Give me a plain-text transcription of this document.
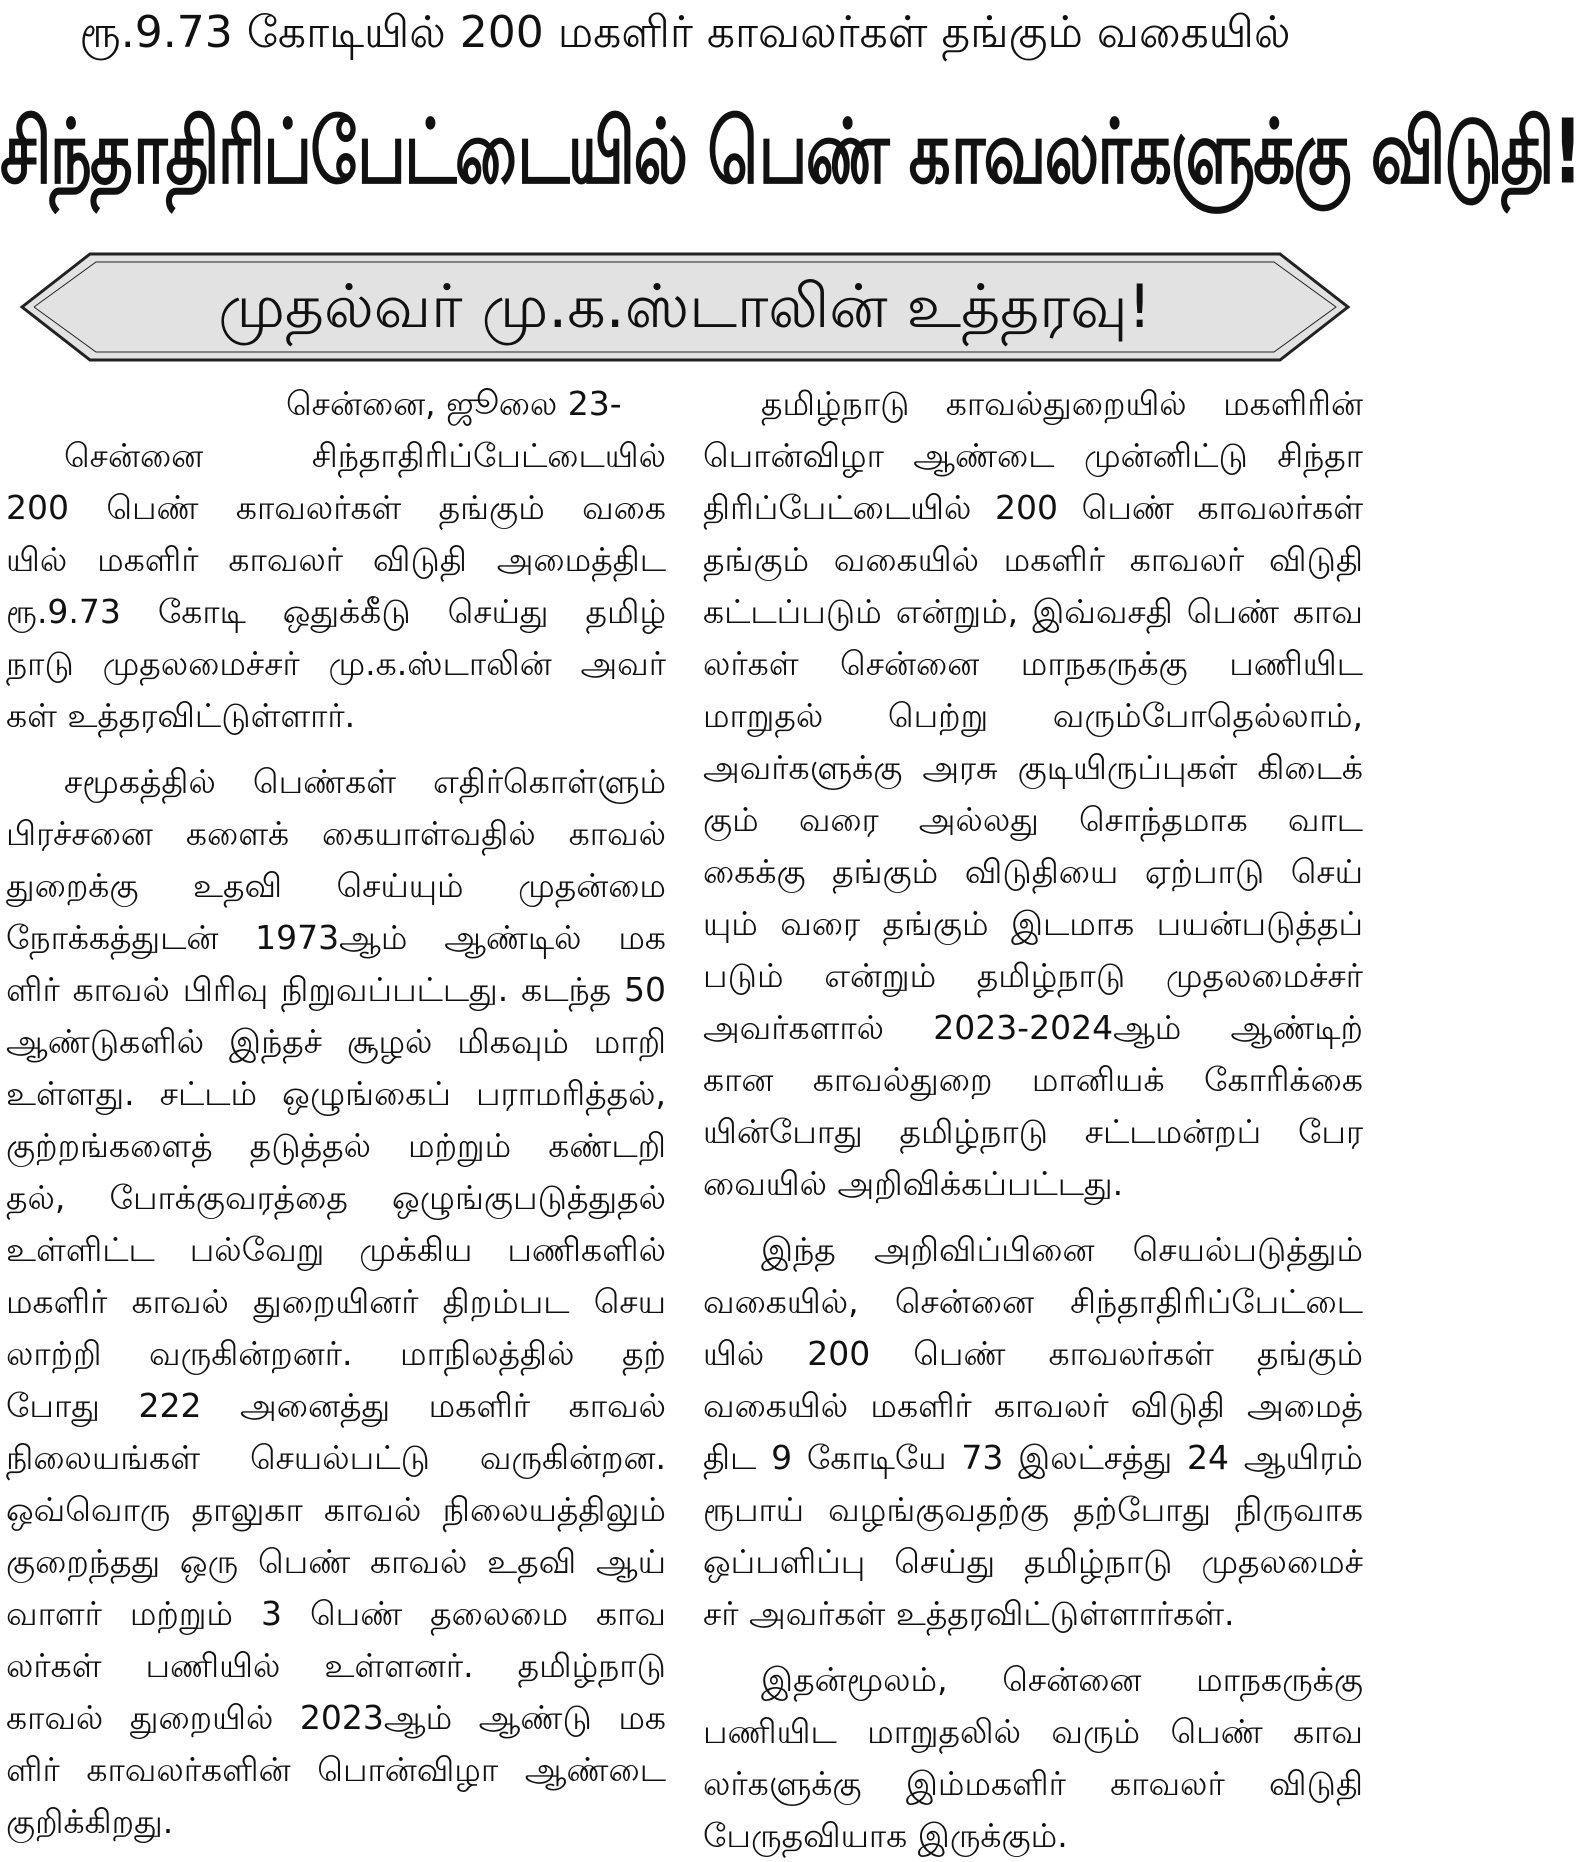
ரூ.9.73 கோடியில் 200 மகளிர் காவலர்கள் தங்கும் வகையில்
சிந்தாதிரிப்பேட்டையில் பெண் காவலர்களுக்கு விடுதி!
முதல்வர் மு.க.ஸ்டாலின் உத்தரவு!
சென்னை, ஜூலை 23-
சென்னை சிந்தாதிரிப்பேட்டையில்
200 பெண் காவலர்கள் தங்கும் வகை
யில் மகளிர் காவலர் விடுதி அமைத்திட
ரூ.9.73 கோடி ஒதுக்கீடு செய்து தமிழ்
நாடு முதலமைச்சர் மு.க.ஸ்டாலின் அவர்
கள் உத்தரவிட்டுள்ளார்.
சமூகத்தில் பெண்கள் எதிர்கொள்ளும்
பிரச்சனை களைக் கையாள்வதில் காவல்
துறைக்கு உதவி செய்யும் முதன்மை
நோக்கத்துடன் 1973ஆம் ஆண்டில் மக
ளிர் காவல் பிரிவு நிறுவப்பட்டது. கடந்த 50
ஆண்டுகளில் இந்தச் சூழல் மிகவும் மாறி
உள்ளது. சட்டம் ஒழுங்கைப் பராமரித்தல்,
குற்றங்களைத் தடுத்தல் மற்றும் கண்டறி
தல், போக்குவரத்தை ஒழுங்குபடுத்துதல்
உள்ளிட்ட பல்வேறு முக்கிய பணிகளில்
மகளிர் காவல் துறையினர் திறம்பட செய
லாற்றி வருகின்றனர். மாநிலத்தில் தற்
போது 222 அனைத்து மகளிர் காவல்
நிலையங்கள் செயல்பட்டு வருகின்றன.
ஒவ்வொரு தாலுகா காவல் நிலையத்திலும்
குறைந்தது ஒரு பெண் காவல் உதவி ஆய்
வாளர் மற்றும் 3 பெண் தலைமை காவ
லர்கள் பணியில் உள்ளனர். தமிழ்நாடு
காவல் துறையில் 2023ஆம் ஆண்டு மக
ளிர் காவலர்களின் பொன்விழா ஆண்டை
குறிக்கிறது.
தமிழ்நாடு காவல்துறையில் மகளிரின்
பொன்விழா ஆண்டை முன்னிட்டு சிந்தா
திரிப்பேட்டையில் 200 பெண் காவலர்கள்
தங்கும் வகையில் மகளிர் காவலர் விடுதி
கட்டப்படும் என்றும், இவ்வசதி பெண் காவ
லர்கள் சென்னை மாநகருக்கு பணியிட
மாறுதல் பெற்று வரும்போதெல்லாம்,
அவர்களுக்கு அரசு குடியிருப்புகள் கிடைக்
கும் வரை அல்லது சொந்தமாக வாட
கைக்கு தங்கும் விடுதியை ஏற்பாடு செய்
யும் வரை தங்கும் இடமாக பயன்படுத்தப்
படும் என்றும் தமிழ்நாடு முதலமைச்சர்
அவர்களால் 2023-2024ஆம் ஆண்டிற்
கான காவல்துறை மானியக் கோரிக்கை
யின்போது தமிழ்நாடு சட்டமன்றப் பேர
வையில் அறிவிக்கப்பட்டது.
இந்த அறிவிப்பினை செயல்படுத்தும்
வகையில், சென்னை சிந்தாதிரிப்பேட்டை
யில் 200 பெண் காவலர்கள் தங்கும்
வகையில் மகளிர் காவலர் விடுதி அமைத்
திட 9 கோடியே 73 இலட்சத்து 24 ஆயிரம்
ரூபாய் வழங்குவதற்கு தற்போது நிருவாக
ஒப்பளிப்பு செய்து தமிழ்நாடு முதலமைச்
சர் அவர்கள் உத்தரவிட்டுள்ளார்கள்.
இதன்மூலம், சென்னை மாநகருக்கு
பணியிட மாறுதலில் வரும் பெண் காவ
லர்களுக்கு இம்மகளிர் காவலர் விடுதி
பேருதவியாக இருக்கும்.
